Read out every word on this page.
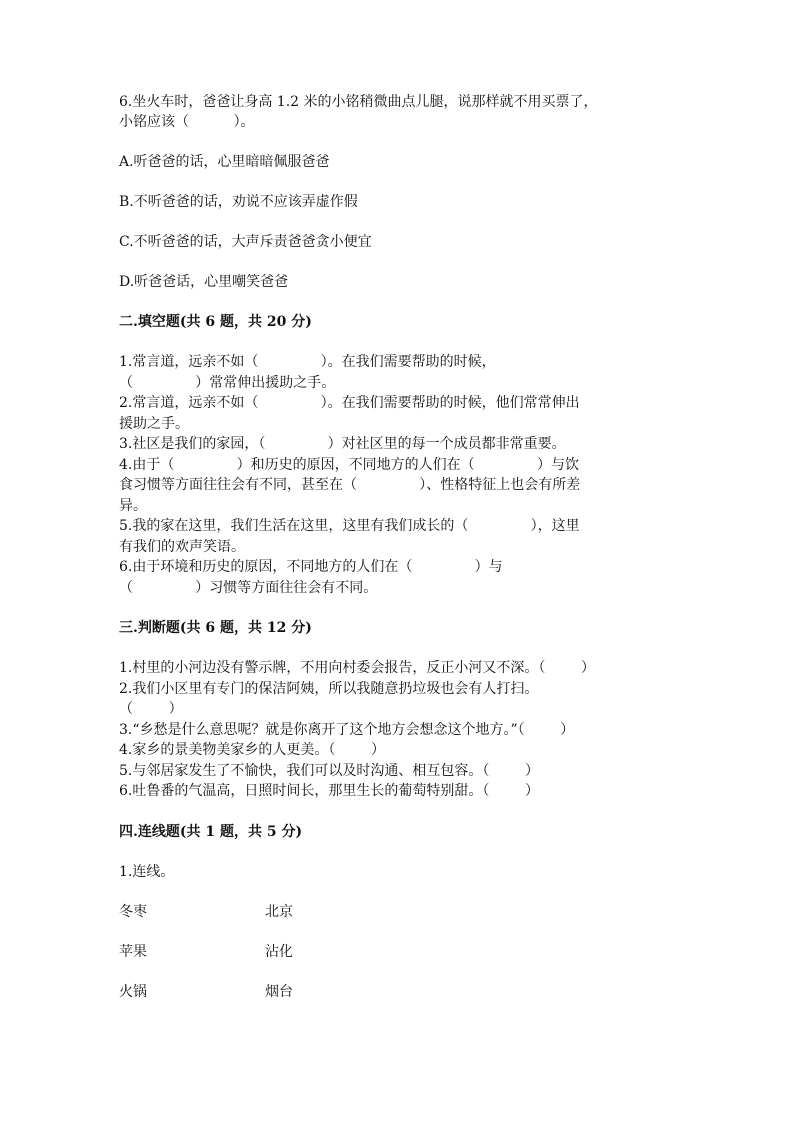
6.坐火车时，爸爸让身高 1.2 米的小铭稍微曲点儿腿，说那样就不用买票了，
小铭应该（          ）。
A.听爸爸的话，心里暗暗佩服爸爸
B.不听爸爸的话，劝说不应该弄虚作假
C.不听爸爸的话，大声斥责爸爸贪小便宜
D.听爸爸话，心里嘲笑爸爸
二.填空题(共 6 题，共 20 分)
1.常言道，远亲不如（              ）。在我们需要帮助的时候，
（              ）常常伸出援助之手。
2.常言道，远亲不如（              ）。在我们需要帮助的时候，他们常常伸出
援助之手。
3.社区是我们的家园，（              ）对社区里的每一个成员都非常重要。
4.由于（              ）和历史的原因，不同地方的人们在（              ）与饮
食习惯等方面往往会有不同，甚至在（              ）、性格特征上也会有所差
异。
5.我的家在这里，我们生活在这里，这里有我们成长的（              ），这里
有我们的欢声笑语。
6.由于环境和历史的原因，不同地方的人们在（              ）与
（              ）习惯等方面往往会有不同。
三.判断题(共 6 题，共 12 分)
1.村里的小河边没有警示牌，不用向村委会报告，反正小河又不深。（        ）
2.我们小区里有专门的保洁阿姨，所以我随意扔垃圾也会有人打扫。
（        ）
3.“乡愁是什么意思呢？就是你离开了这个地方会想念这个地方。”（        ）
4.家乡的景美物美家乡的人更美。（        ）
5.与邻居家发生了不愉快，我们可以及时沟通、相互包容。（        ）
6.吐鲁番的气温高，日照时间长，那里生长的葡萄特别甜。（        ）
四.连线题(共 1 题，共 5 分)
1.连线。
冬枣	北京
苹果	沾化
火锅	烟台
